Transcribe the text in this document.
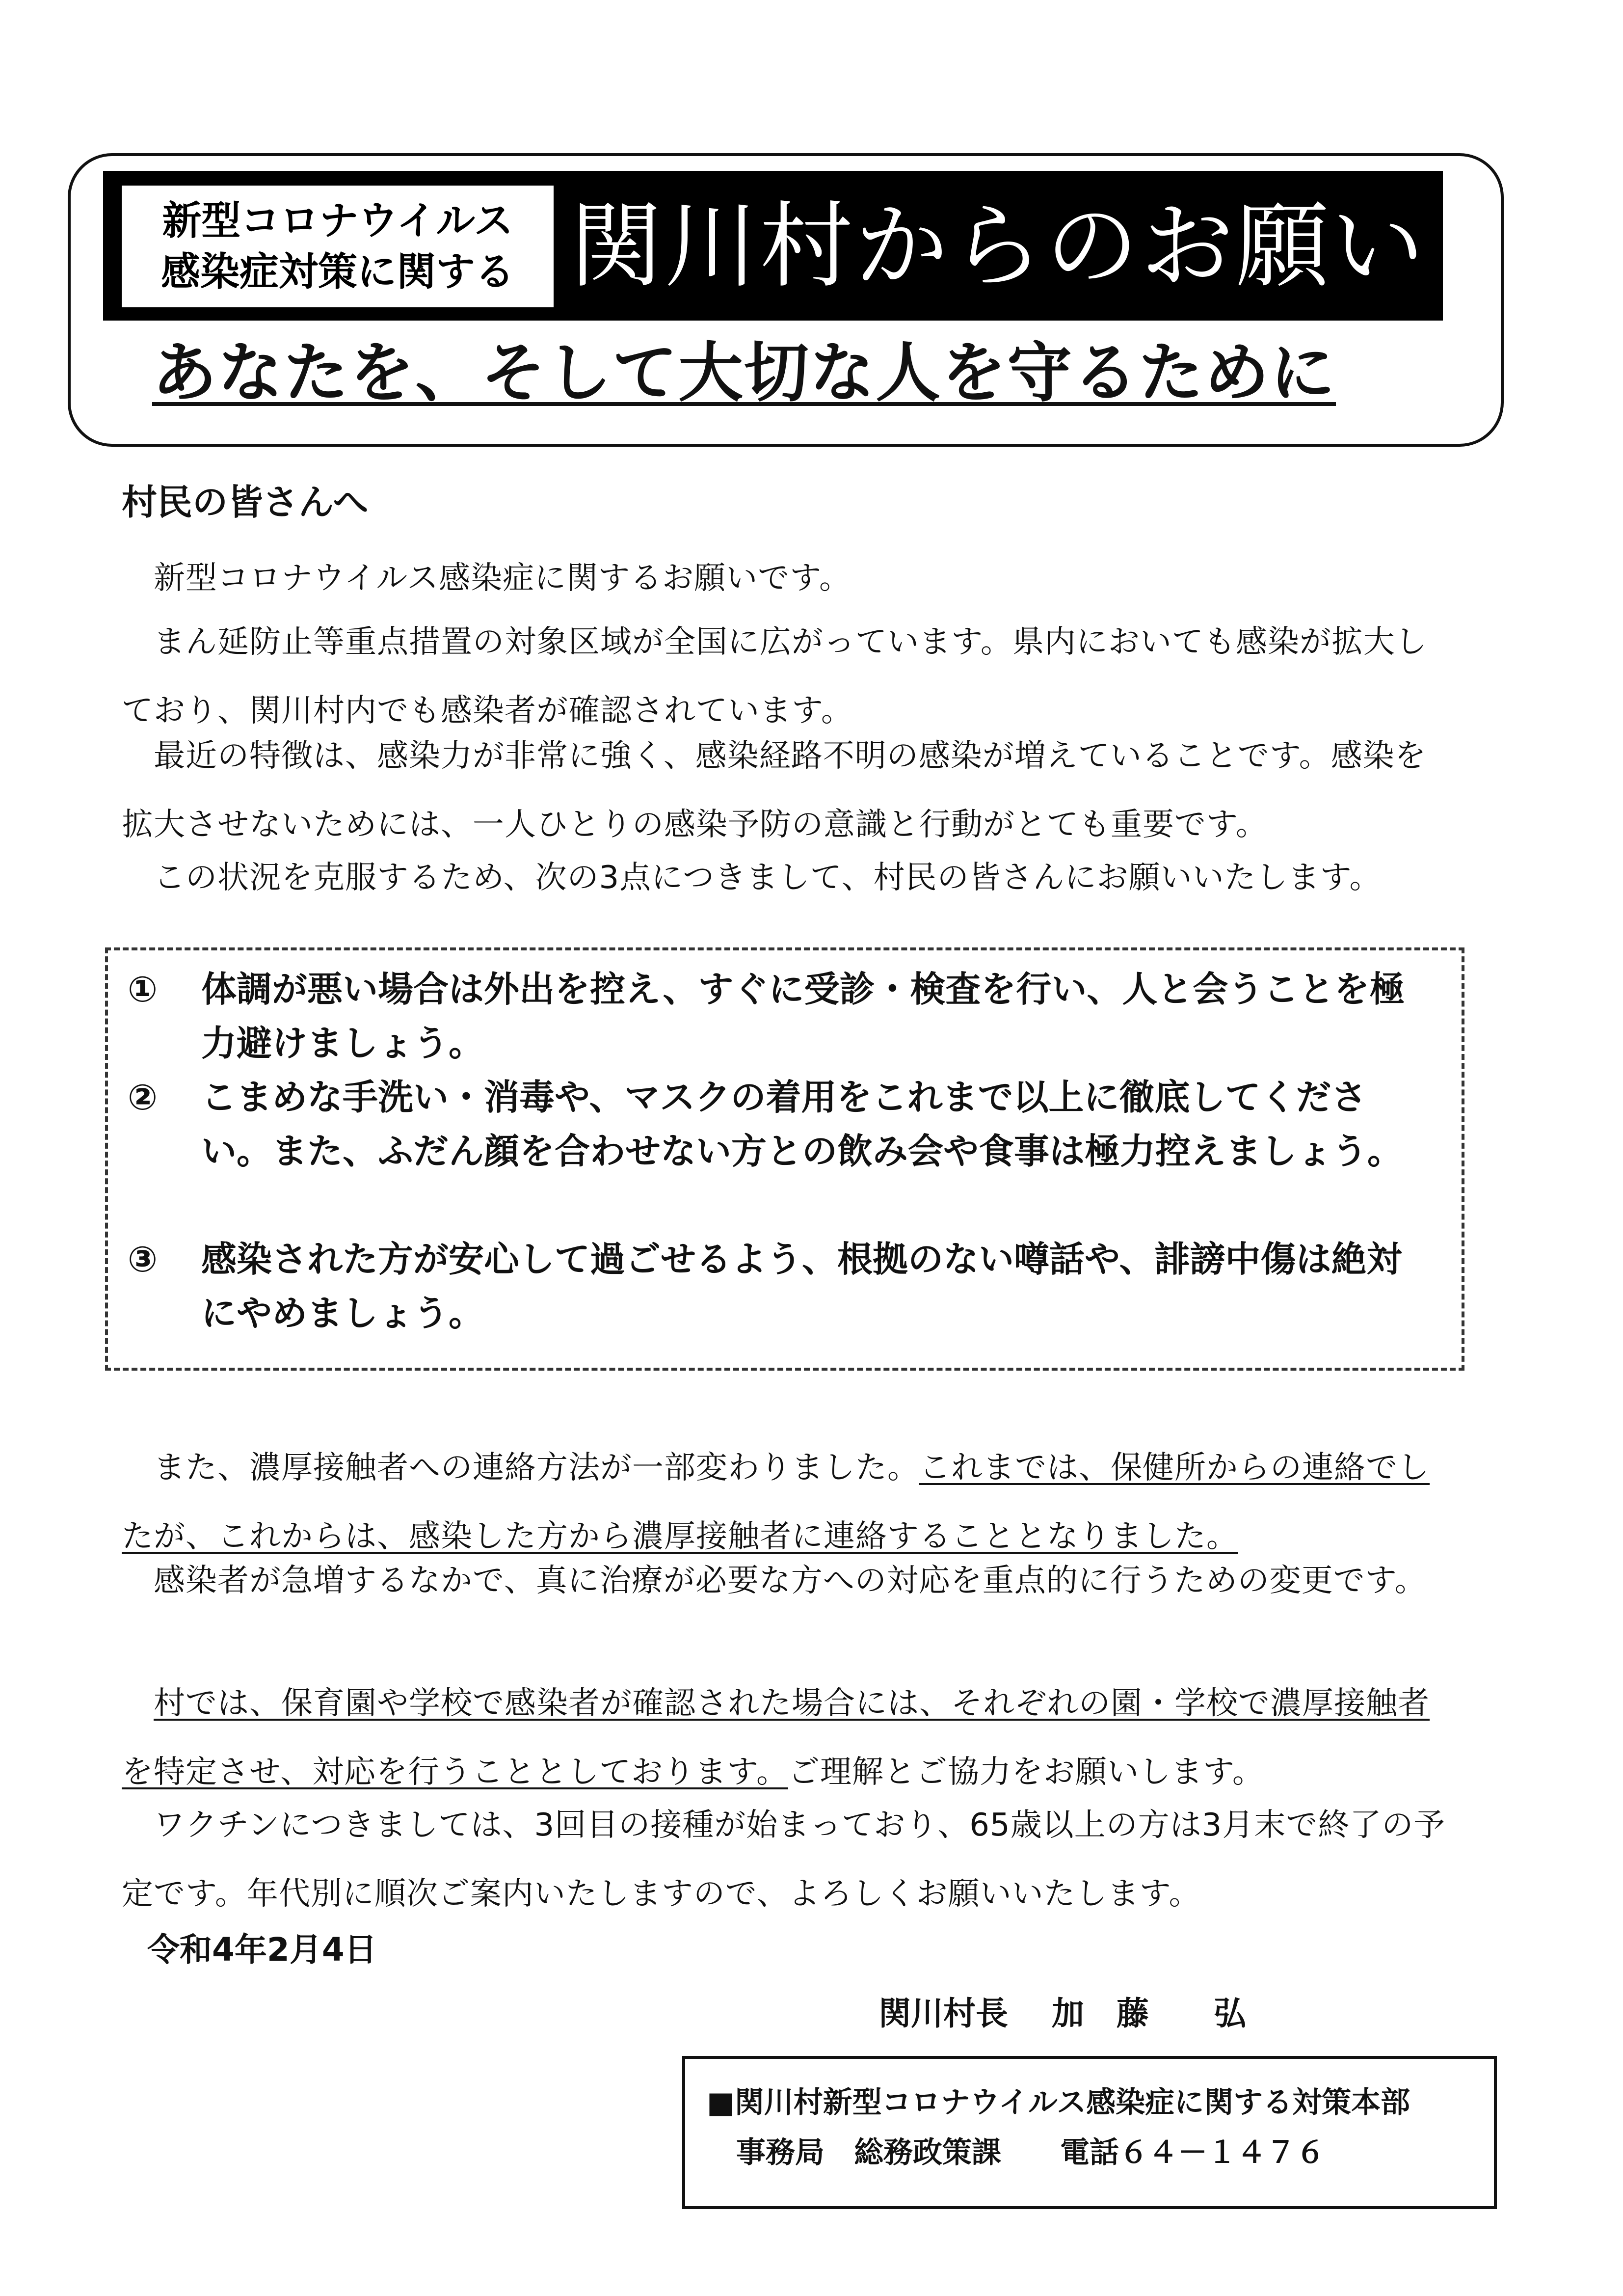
新型コロナウイルス
感染症対策に関する 関川村からのお願い
あなたを、そして大切な人を守るために
村民の皆さんへ
　新型コロナウイルス感染症に関するお願いです。
　まん延防止等重点措置の対象区域が全国に広がっています。県内においても感染が拡大しており、関川村内でも感染者が確認されています。
　最近の特徴は、感染力が非常に強く、感染経路不明の感染が増えていることです。感染を拡大させないためには、一人ひとりの感染予防の意識と行動がとても重要です。
　この状況を克服するため、次の3点につきまして、村民の皆さんにお願いいたします。
①	体調が悪い場合は外出を控え、すぐに受診・検査を行い、人と会うことを極力避けましょう。
②	こまめな手洗い・消毒や、マスクの着用をこれまで以上に徹底してください。また、ふだん顔を合わせない方との飲み会や食事は極力控えましょう。
③	感染された方が安心して過ごせるよう、根拠のない噂話や、誹謗中傷は絶対にやめましょう。
　また、濃厚接触者への連絡方法が一部変わりました。これまでは、保健所からの連絡でしたが、これからは、感染した方から濃厚接触者に連絡することとなりました。
　感染者が急増するなかで、真に治療が必要な方への対応を重点的に行うための変更です。
　村では、保育園や学校で感染者が確認された場合には、それぞれの園・学校で濃厚接触者を特定させ、対応を行うこととしております。ご理解とご協力をお願いします。
　ワクチンにつきましては、3回目の接種が始まっており、65歳以上の方は3月末で終了の予定です。年代別に順次ご案内いたしますので、よろしくお願いいたします。
令和4年2月4日
関川村長　 加　藤　　弘
■関川村新型コロナウイルス感染症に関する対策本部
事務局　総務政策課　　電話６４－１４７６
